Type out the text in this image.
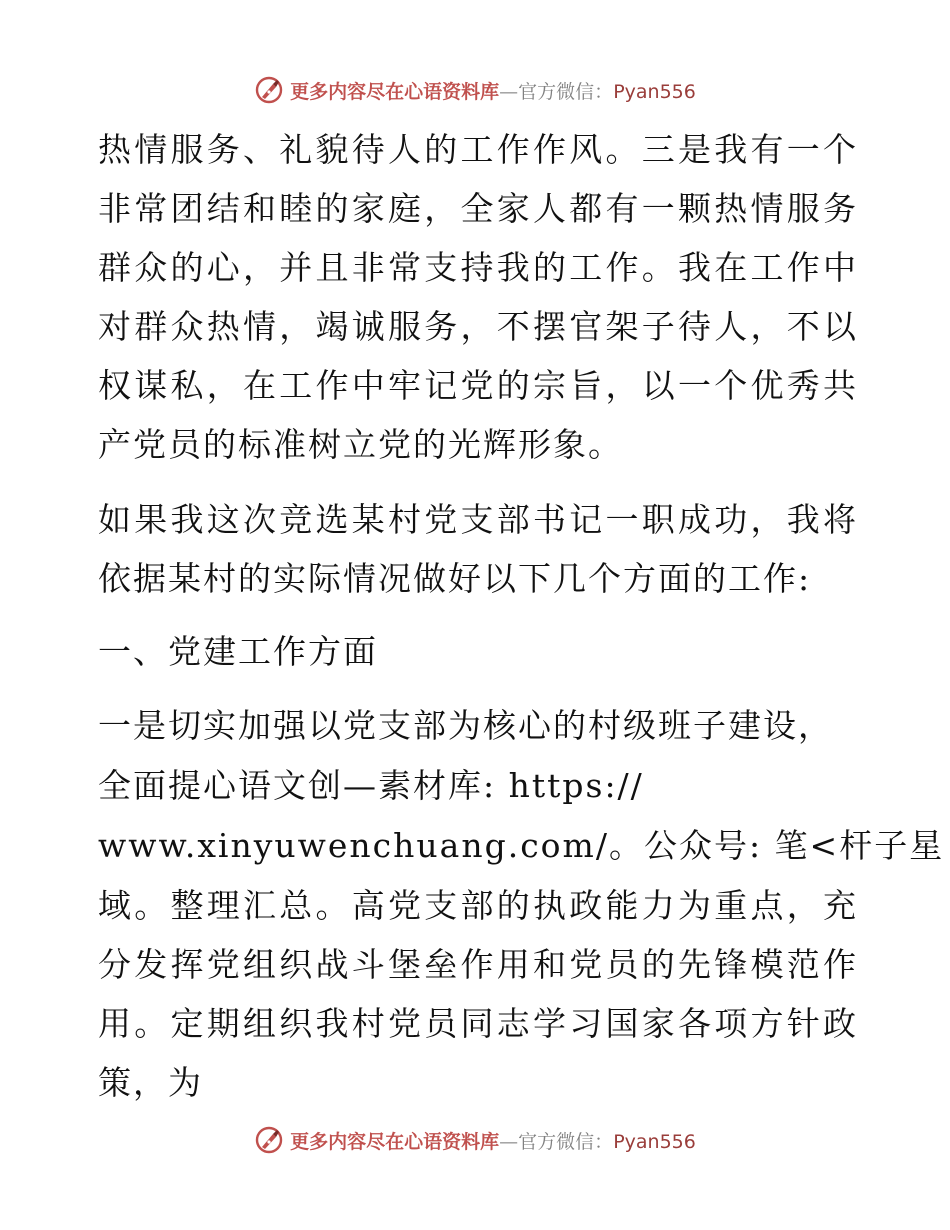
更多内容尽在心语资料库—官方微信：Pyan556

热情服务、礼貌待人的工作作风。三是我有一个非常团结和睦的家庭，全家人都有一颗热情服务群众的心，并且非常支持我的工作。我在工作中对群众热情，竭诚服务，不摆官架子待人，不以权谋私，在工作中牢记党的宗旨，以一个优秀共产党员的标准树立党的光辉形象。

如果我这次竞选某村党支部书记一职成功，我将依据某村的实际情况做好以下几个方面的工作:

一、党建工作方面

一是切实加强以党支部为核心的村级班子建设，

全面提心语文创—素材库: https://

www.xinyuwenchuang.com/。公众号: 笔<杆子星

域。整理汇总。高党支部的执政能力为重点，充分发挥党组织战斗堡垒作用和党员的先锋模范作用。定期组织我村党员同志学习国家各项方针政策，为

更多内容尽在心语资料库—官方微信：Pyan556
